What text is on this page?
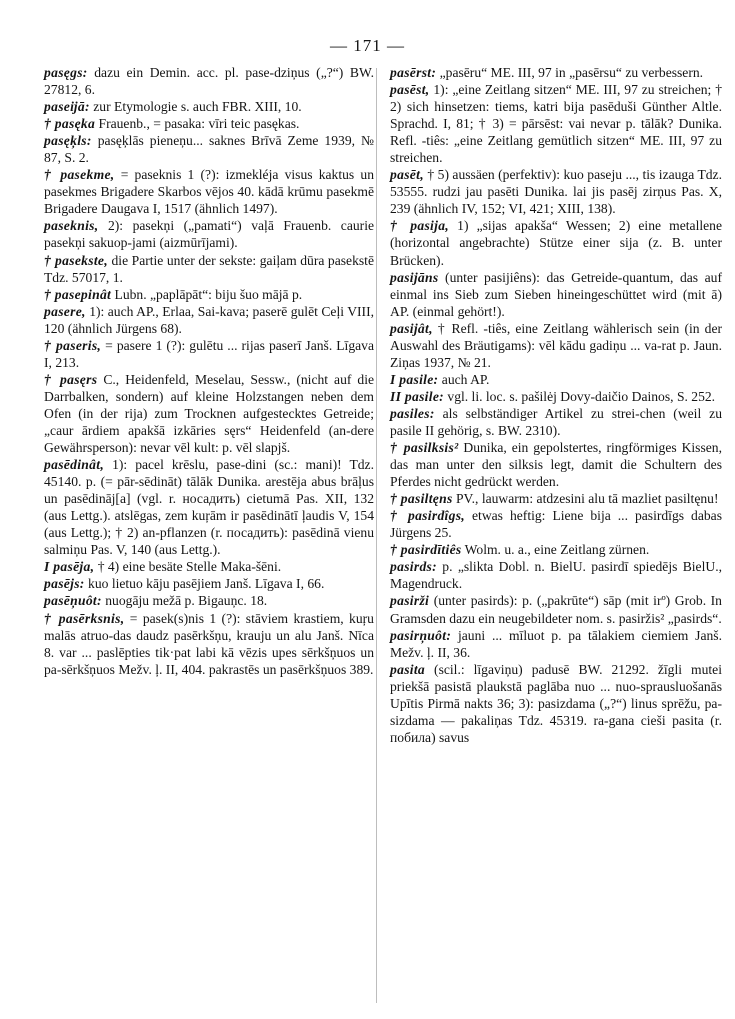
— 171 —

pasęgs: dazu ein Demin. acc. pl. pase-dziņus („?“) BW. 27812, 6.

paseĳā: zur Etymologie s. auch FBR. XIII, 10.

† pasęka Frauenb., = pasaka: vīri teic pasękas.

pasęķls: pasęķlās pieneņu... saknes Brīvā Zeme 1939, № 87, S. 2.

† pasekme, = paseknis 1 (?): izmekléja visus kaktus un pasekmes Brigadere Skarbos vējos 40. kādā krūmu pasekmē Brigadere Daugava I, 1517 (ähnlich 1497).

paseknis, 2): pasekņi („pamati“) vaļā Frauenb. caurie pasekņi sakuop-jami (aizmūrījami).

† pasekste, die Partie unter der sekste: gaiļam dūra pasekstē Tdz. 57017, 1.

† pasepinât Lubn. „paplāpāt“: biju šuo mājā p.

pasere, 1): auch AP., Erlaa, Sai-kava; paserē gulēt Ceļi VIII, 120 (ähnlich Jürgens 68).

† paseris, = pasere 1 (?): gulētu ... rijas paserī Janš. Līgava I, 213.

† pasęrs C., Heidenfeld, Meselau, Sessw., (nicht auf die Darrbalken, sondern) auf kleine Holzstangen neben dem Ofen (in der rija) zum Trocknen aufgestecktes Getreide; „caur ārdiem apakšā izkāries sęrs“ Heidenfeld (an-dere Gewährsperson): nevar vēl kult: p. vēl slapjš.

pasēdinât, 1): pacel krēslu, pase-dini (sc.: mani)! Tdz. 45140. p. (= pār-sēdināt) tālāk Dunika. arestēja abus brāļus un pasēdināj[a] (vgl. r. носадить) cietumā Pas. XII, 132 (aus Lettg.). atslēgas, zem kuŗām ir pasēdinātī ļaudis V, 154 (aus Lettg.); † 2) an-pflanzen (r. посадить): pasēdinā vienu salmiņu Pas. V, 140 (aus Lettg.).

I pasēja, † 4) eine besäte Stelle Maka-šēni.

pasējs: kuo lietuo kāju pasējiem Janš. Līgava I, 66.

pasēņuôt: nuogāju mežā p. Bigauņc. 18.

† pasērksnis, = pasek(s)nis 1 (?): stāviem krastiem, kuŗu malās atruo-das daudz pasērkšņu, krauju un alu Janš. Nīca 8. var ... paslēpties tik·pat labi kā vēzis upes sērkšņuos un pa-sērkšņuos Mežv. ļ. II, 404. pakrastēs un pasērkšņuos 389.

pasērst: „pasēru“ ME. III, 97 in „pasērsu“ zu verbessern.

pasēst, 1): „eine Zeitlang sitzen“ ME. III, 97 zu streichen; † 2) sich hinsetzen: tiems, katri bija pasēduši Günther Altle. Sprachd. I, 81; † 3) = pārsēst: vai nevar p. tālāk? Dunika. Refl. -tiês: „eine Zeitlang gemütlich sitzen“ ME. III, 97 zu streichen.

pasēt, † 5) aussäen (perfektiv): kuo paseju ..., tis izauga Tdz. 53555. rudzi jau pasēti Dunika. lai jis pasēj zirņus Pas. X, 239 (ähnlich IV, 152; VI, 421; XIII, 138).

† pasija, 1) „sijas apakša“ Wessen; 2) eine metallene (horizontal angebrachte) Stütze einer sija (z. B. unter Brücken).

pasijāns (unter pasijiêns): das Getreide-quantum, das auf einmal ins Sieb zum Sieben hineingeschüttet wird (mit ā) AP. (einmal gehört!).

pasijât, † Refl. -tiês, eine Zeitlang wählerisch sein (in der Auswahl des Bräutigams): vēl kādu gadiņu ... va-rat p. Jaun. Ziņas 1937, № 21.

I pasile: auch AP.

II pasile: vgl. li. loc. s. pašilėj Dovy-daičio Dainos, S. 252.

pasiles: als selbständiger Artikel zu strei-chen (weil zu pasile II gehörig, s. BW. 2310).

† pasilksis² Dunika, ein gepolstertes, ringförmiges Kissen, das man unter den silksis legt, damit die Schultern des Pferdes nicht gedrückt werden.

† pasiltęns PV., lauwarm: atdzesini alu tā mazliet pasiltęnu!

† pasirdîgs, etwas heftig: Liene bija ... pasirdīgs dabas Jürgens 25.

† pasirdītiês Wolm. u. a., eine Zeitlang zürnen.

pasirds: p. „slikta Dobl. n. BielU. pasirdī spiedējs BielU., Magendruck.

pasirži (unter pasirds): p. („pakrūte“) sāp (mit irº) Grob. In Gramsden dazu ein neugebildeter nom. s. pasiržis² „pasirds“.

pasirņuôt: jauni ... mīluot p. pa tālakiem ciemiem Janš. Mežv. ļ. II, 36.

pasita (scil.: līgaviņu) padusē BW. 21292. žīgli mutei priekšā pasistā plaukstā paglāba nuo ... nuo-sprausluošanās Upītis Pirmā nakts 36; 3): pasizdama („?“) linus sprēžu, pa-sizdama — pakaliņas Tdz. 45319. ra-gana cieši pasita (r. побила) savus
